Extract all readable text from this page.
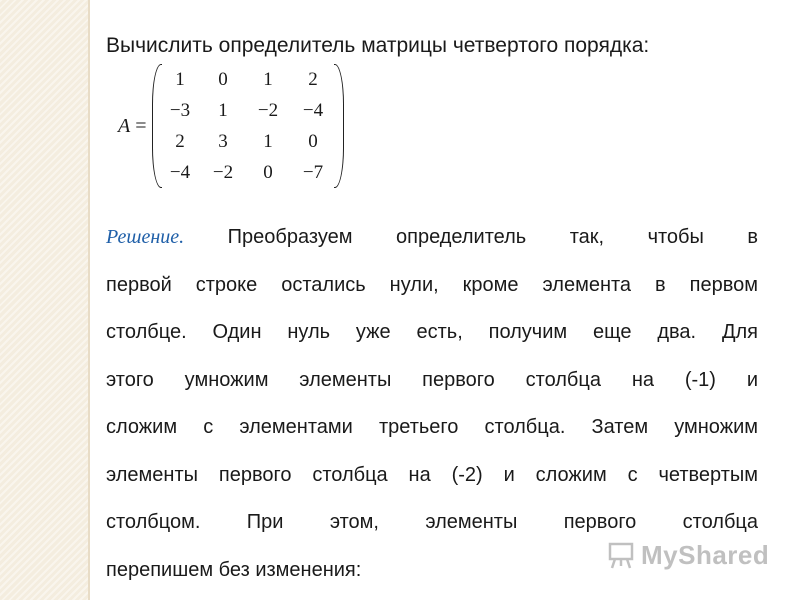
Вычислить определитель матрицы четвертого порядка:
A =
1	0	1	2
−3	1	−2	−4
2	3	1	0
−4	−2	0	−7
Решение. Преобразуем определитель так, чтобы в
первой строке остались нули, кроме элемента в первом
столбце. Один нуль уже есть, получим еще два. Для
этого умножим элементы первого столбца на (-1) и
сложим с элементами третьего столбца. Затем умножим
элементы первого столбца на (-2) и сложим с четвертым
столбцом. При этом, элементы первого столбца
перепишем без изменения:	MyShared
